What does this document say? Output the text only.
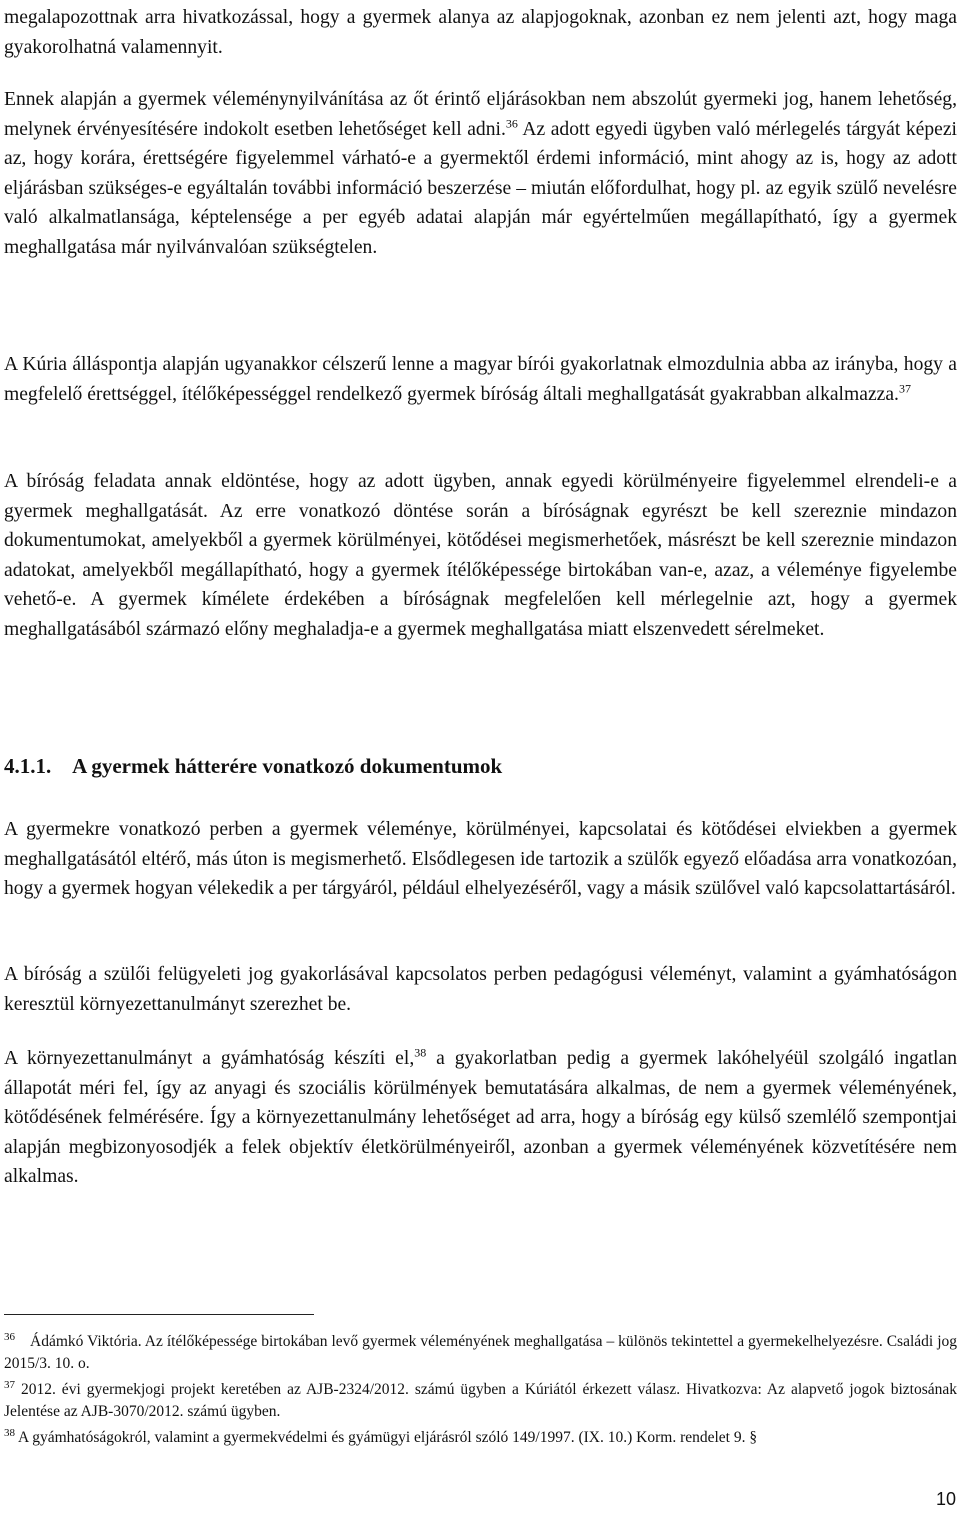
megalapozottnak arra hivatkozással, hogy a gyermek alanya az alapjogoknak, azonban ez nem jelenti azt, hogy maga gyakorolhatná valamennyit.

Ennek alapján a gyermek véleménynyilvánítása az őt érintő eljárásokban nem abszolút gyermeki jog, hanem lehetőség, melynek érvényesítésére indokolt esetben lehetőséget kell adni.$^{36}$ Az adott egyedi ügyben való mérlegelés tárgyát képezi az, hogy korára, érettségére figyelemmel várható-e a gyermektől érdemi információ, mint ahogy az is, hogy az adott eljárásban szükséges-e egyáltalán további információ beszerzése – miután előfordulhat, hogy pl. az egyik szülő nevelésre való alkalmatlansága, képtelensége a per egyéb adatai alapján már egyértelműen megállapítható, így a gyermek meghallgatása már nyilvánvalóan szükségtelen.

A Kúria álláspontja alapján ugyanakkor célszerű lenne a magyar bírói gyakorlatnak elmozdulnia abba az irányba, hogy a megfelelő érettséggel, ítélőképességgel rendelkező gyermek bíróság általi meghallgatását gyakrabban alkalmazza.$^{37}$

A bíróság feladata annak eldöntése, hogy az adott ügyben, annak egyedi körülményeire figyelemmel elrendeli-e a gyermek meghallgatását. Az erre vonatkozó döntése során a bíróságnak egyrészt be kell szereznie mindazon dokumentumokat, amelyekből a gyermek körülményei, kötődései megismerhetőek, másrészt be kell szereznie mindazon adatokat, amelyekből megállapítható, hogy a gyermek ítélőképessége birtokában van-e, azaz, a véleménye figyelembe vehető-e. A gyermek kímélete érdekében a bíróságnak megfelelően kell mérlegelnie azt, hogy a gyermek meghallgatásából származó előny meghaladja-e a gyermek meghallgatása miatt elszenvedett sérelmeket.

4.1.1. A gyermek hátterére vonatkozó dokumentumok

A gyermekre vonatkozó perben a gyermek véleménye, körülményei, kapcsolatai és kötődései elviekben a gyermek meghallgatásától eltérő, más úton is megismerhető. Elsődlegesen ide tartozik a szülők egyező előadása arra vonatkozóan, hogy a gyermek hogyan vélekedik a per tárgyáról, például elhelyezéséről, vagy a másik szülővel való kapcsolattartásáról.

A bíróság a szülői felügyeleti jog gyakorlásával kapcsolatos perben pedagógusi véleményt, valamint a gyámhatóságon keresztül környezettanulmányt szerezhet be.

A környezettanulmányt a gyámhatóság készíti el,$^{38}$ a gyakorlatban pedig a gyermek lakóhelyéül szolgáló ingatlan állapotát méri fel, így az anyagi és szociális körülmények bemutatására alkalmas, de nem a gyermek véleményének, kötődésének felmérésére. Így a környezettanulmány lehetőséget ad arra, hogy a bíróság egy külső szemlélő szempontjai alapján megbizonyosodjék a felek objektív életkörülményeiről, azonban a gyermek véleményének közvetítésére nem alkalmas.

$^{36}$ Ádámkó Viktória. Az ítélőképessége birtokában levő gyermek véleményének meghallgatása – különös tekintettel a gyermekelhelyezésre. Családi jog 2015/3. 10. o.

$^{37}$ 2012. évi gyermekjogi projekt keretében az AJB-2324/2012. számú ügyben a Kúriától érkezett válasz. Hivatkozva: Az alapvető jogok biztosának Jelentése az AJB-3070/2012. számú ügyben.

$^{38}$ A gyámhatóságokról, valamint a gyermekvédelmi és gyámügyi eljárásról szóló 149/1997. (IX. 10.) Korm. rendelet 9. §

10
